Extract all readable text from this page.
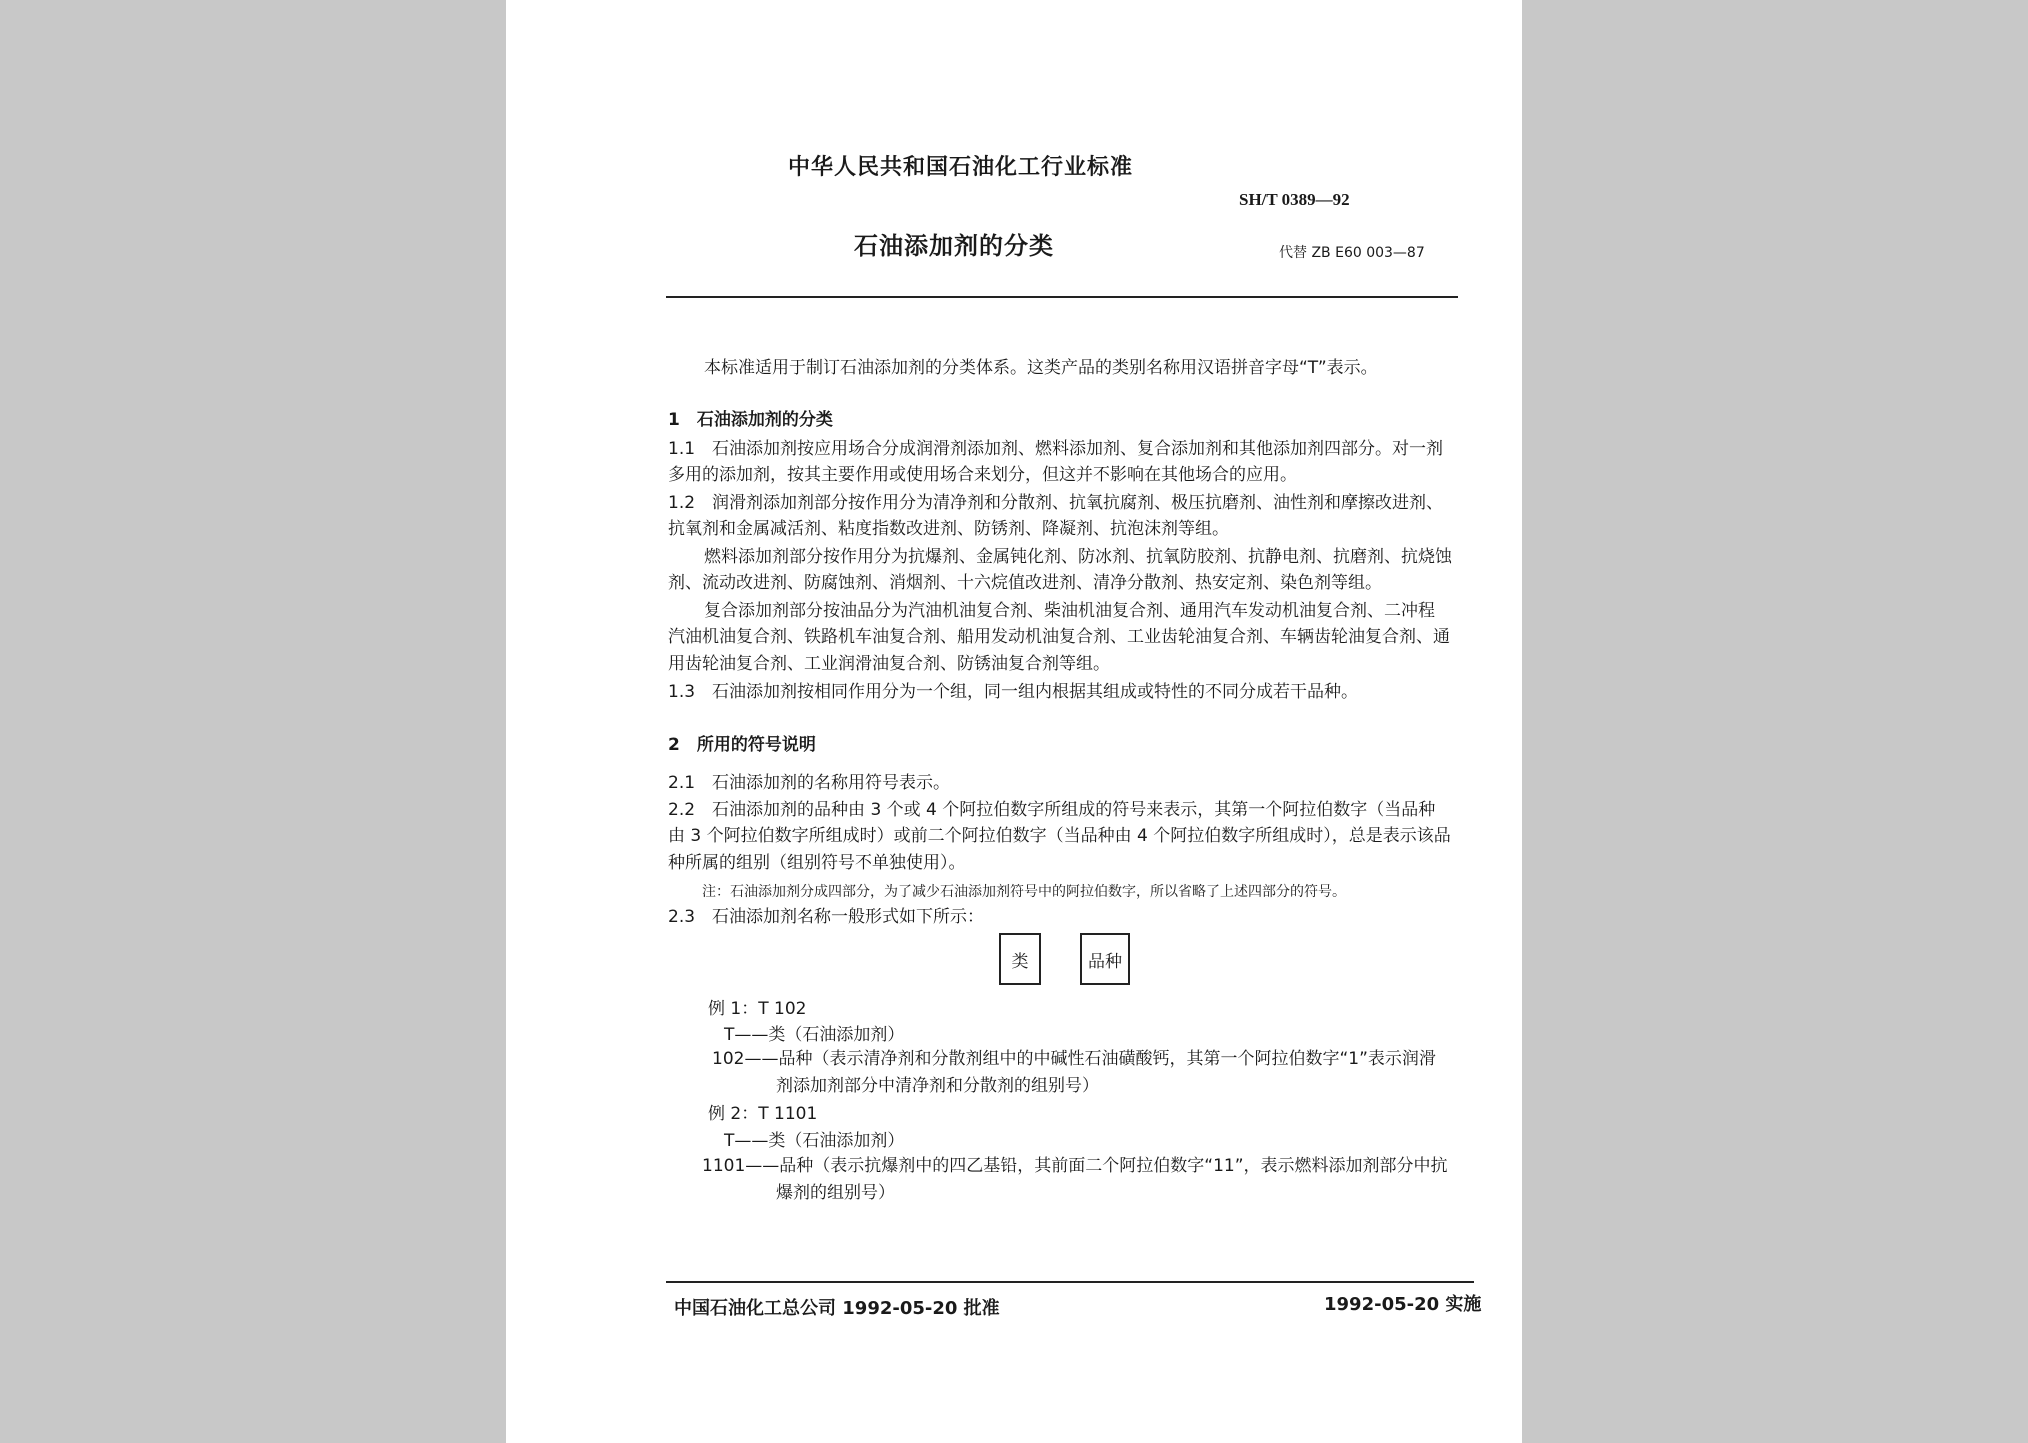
中华人民共和国石油化工行业标准
SH/T 0389—92
石油添加剂的分类	代替 ZB E60 003—87
本标准适用于制订石油添加剂的分类体系。这类产品的类别名称用汉语拼音字母“T”表示。
1　石油添加剂的分类
1.1　石油添加剂按应用场合分成润滑剂添加剂、燃料添加剂、复合添加剂和其他添加剂四部分。对一剂
多用的添加剂，按其主要作用或使用场合来划分，但这并不影响在其他场合的应用。
1.2　润滑剂添加剂部分按作用分为清净剂和分散剂、抗氧抗腐剂、极压抗磨剂、油性剂和摩擦改进剂、
抗氧剂和金属减活剂、粘度指数改进剂、防锈剂、降凝剂、抗泡沫剂等组。
燃料添加剂部分按作用分为抗爆剂、金属钝化剂、防冰剂、抗氧防胶剂、抗静电剂、抗磨剂、抗烧蚀
剂、流动改进剂、防腐蚀剂、消烟剂、十六烷值改进剂、清净分散剂、热安定剂、染色剂等组。
复合添加剂部分按油品分为汽油机油复合剂、柴油机油复合剂、通用汽车发动机油复合剂、二冲程
汽油机油复合剂、铁路机车油复合剂、船用发动机油复合剂、工业齿轮油复合剂、车辆齿轮油复合剂、通
用齿轮油复合剂、工业润滑油复合剂、防锈油复合剂等组。
1.3　石油添加剂按相同作用分为一个组，同一组内根据其组成或特性的不同分成若干品种。
2　所用的符号说明
2.1　石油添加剂的名称用符号表示。
2.2　石油添加剂的品种由 3 个或 4 个阿拉伯数字所组成的符号来表示，其第一个阿拉伯数字（当品种
由 3 个阿拉伯数字所组成时）或前二个阿拉伯数字（当品种由 4 个阿拉伯数字所组成时），总是表示该品
种所属的组别（组别符号不单独使用）。
注：石油添加剂分成四部分，为了减少石油添加剂符号中的阿拉伯数字，所以省略了上述四部分的符号。
2.3　石油添加剂名称一般形式如下所示：
类	品种
例 1：T 102
T——类（石油添加剂）
102——品种（表示清净剂和分散剂组中的中碱性石油磺酸钙，其第一个阿拉伯数字“1”表示润滑
剂添加剂部分中清净剂和分散剂的组别号）
例 2：T 1101
T——类（石油添加剂）
1101——品种（表示抗爆剂中的四乙基铅，其前面二个阿拉伯数字“11”，表示燃料添加剂部分中抗
爆剂的组别号）
中国石油化工总公司 1992-05-20 批准	1992-05-20 实施
